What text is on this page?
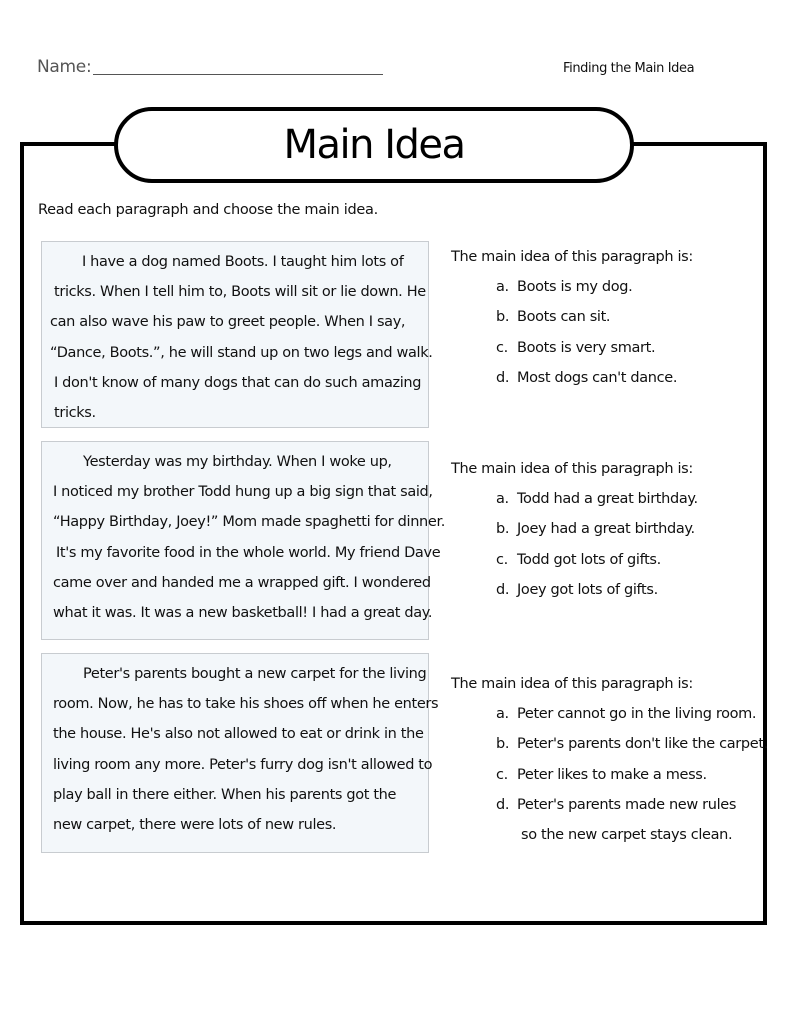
Name:	Finding the Main Idea
Main Idea
Read each paragraph and choose the main idea.
I have a dog named Boots. I taught him lots of
tricks. When I tell him to, Boots will sit or lie down. He
can also wave his paw to greet people. When I say,
“Dance, Boots.”, he will stand up on two legs and walk.
I don't know of many dogs that can do such amazing
tricks.
The main idea of this paragraph is:
a. Boots is my dog.
b. Boots can sit.
c. Boots is very smart.
d. Most dogs can't dance.
Yesterday was my birthday. When I woke up,
I noticed my brother Todd hung up a big sign that said,
“Happy Birthday, Joey!” Mom made spaghetti for dinner.
It's my favorite food in the whole world. My friend Dave
came over and handed me a wrapped gift. I wondered
what it was. It was a new basketball! I had a great day.
The main idea of this paragraph is:
a. Todd had a great birthday.
b. Joey had a great birthday.
c. Todd got lots of gifts.
d. Joey got lots of gifts.
Peter's parents bought a new carpet for the living
room. Now, he has to take his shoes off when he enters
the house. He's also not allowed to eat or drink in the
living room any more. Peter's furry dog isn't allowed to
play ball in there either. When his parents got the
new carpet, there were lots of new rules.
The main idea of this paragraph is:
a. Peter cannot go in the living room.
b. Peter's parents don't like the carpet.
c. Peter likes to make a mess.
d. Peter's parents made new rules
so the new carpet stays clean.
